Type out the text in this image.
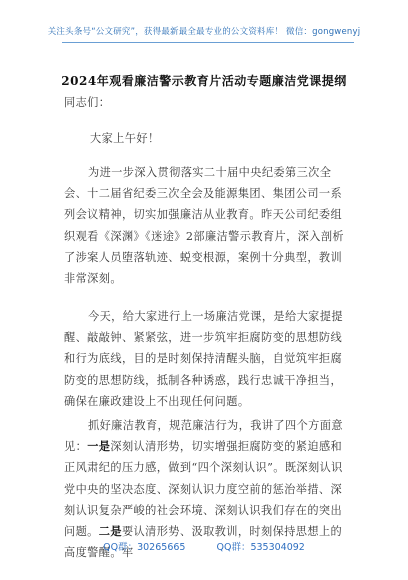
关注头条号“公文研究”，获得最新最全最专业的公文资料库！ 微信：gongwenyj
2024年观看廉洁警示教育片活动专题廉洁党课提纲
同志们：
大家上午好！
为进一步深入贯彻落实二十届中央纪委第三次全会、十二届省纪委三次全会及能源集团、集团公司一系列会议精神，切实加强廉洁从业教育。昨天公司纪委组织观看《深渊》《迷途》2部廉洁警示教育片，深入剖析了涉案人员堕落轨迹、蜕变根源，案例十分典型，教训非常深刻。
今天，给大家进行上一场廉洁党课，是给大家提提醒、敲敲钟、紧紧弦，进一步筑牢拒腐防变的思想防线和行为底线，目的是时刻保持清醒头脑，自觉筑牢拒腐防变的思想防线，抵制各种诱惑，践行忠诚干净担当，确保在廉政建设上不出现任何问题。
抓好廉洁教育，规范廉洁行为，我讲了四个方面意见：一是深刻认清形势，切实增强拒腐防变的紧迫感和正风肃纪的压力感，做到“四个深刻认识”。既深刻认识党中央的坚决态度、深刻认识力度空前的惩治举措、深刻认识复杂严峻的社会环境、深刻认识我们存在的突出问题。二是要认清形势、汲取教训，时刻保持思想上的高度警醒。牢
QQ群：30265665	QQ群：535304092
